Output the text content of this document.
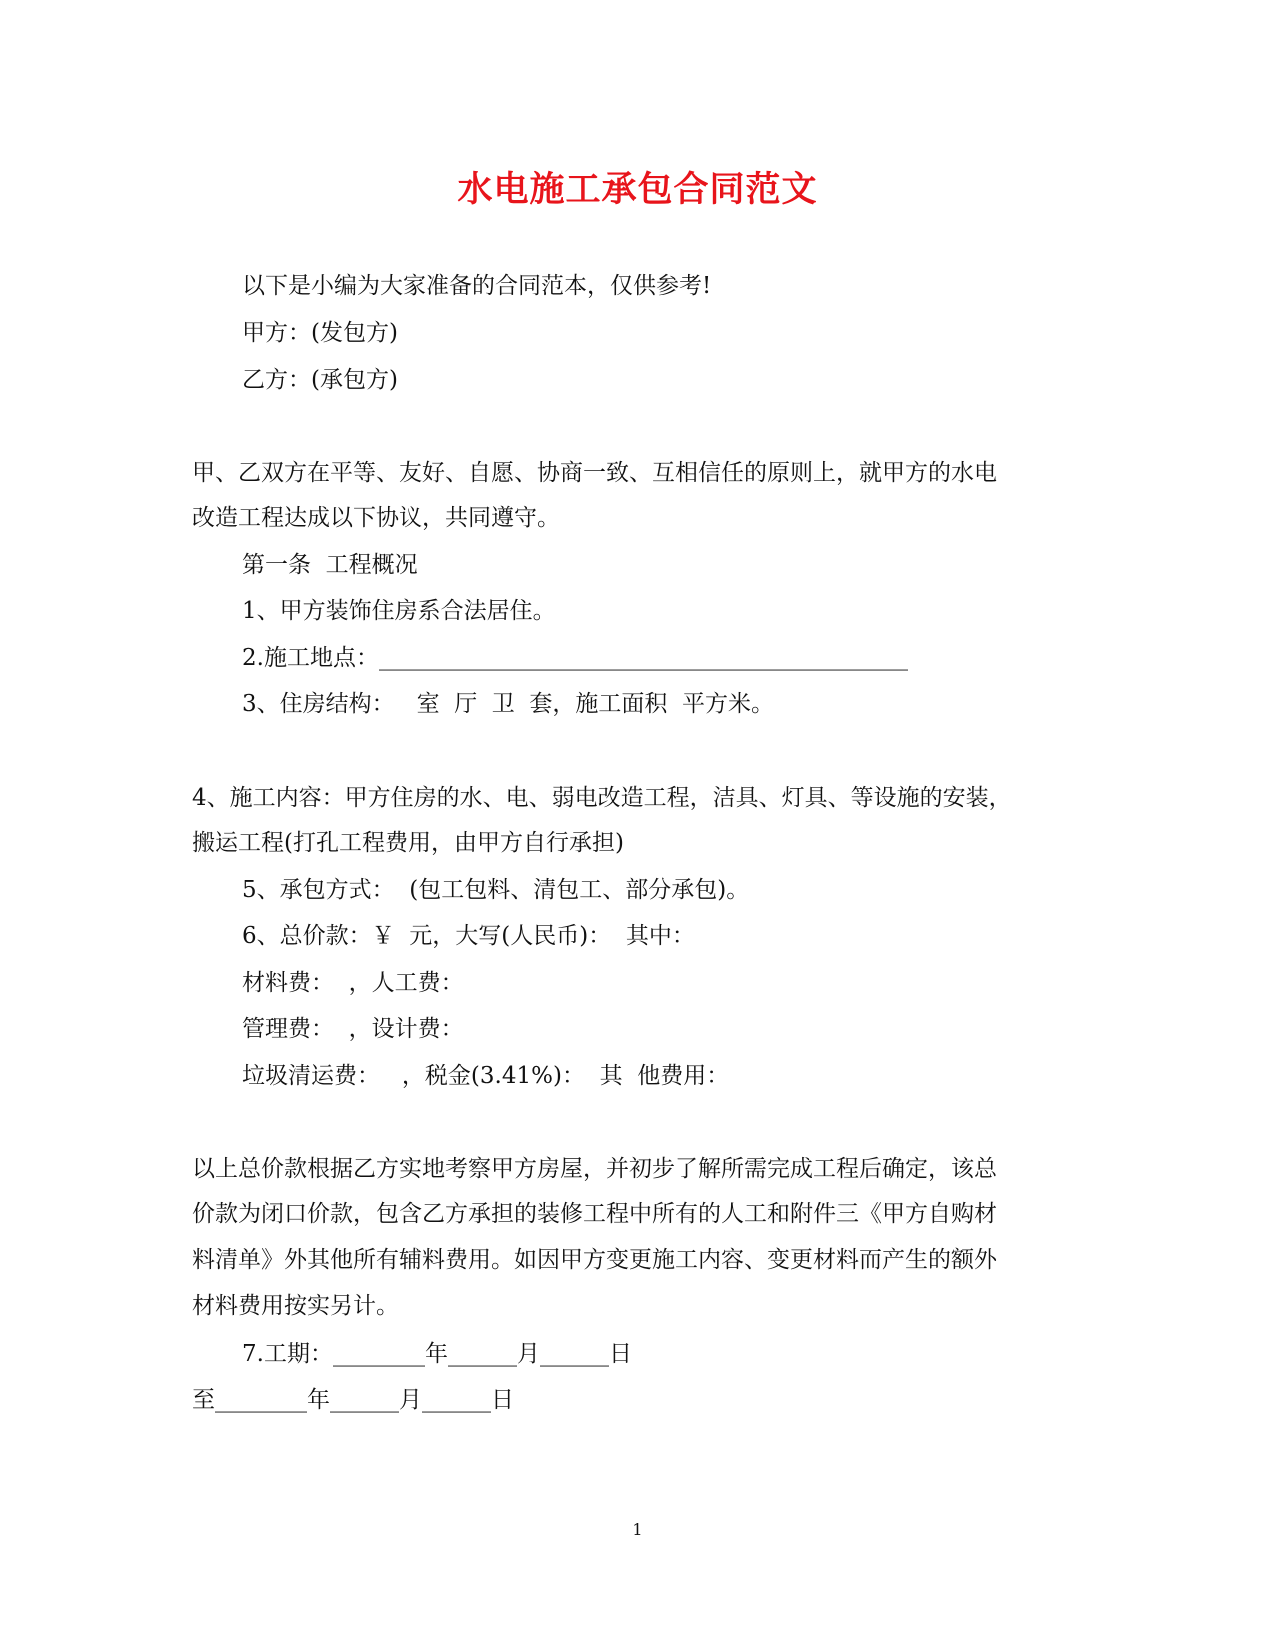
水电施工承包合同范文
以下是小编为大家准备的合同范本，仅供参考!
甲方：(发包方)
乙方：(承包方)
甲、乙双方在平等、友好、自愿、协商一致、互相信任的原则上，就甲方的水电
改造工程达成以下协议，共同遵守。
第一条  工程概况
1、甲方装饰住房系合法居住。
2.施工地点：______________________________________________
3、住房结构：   室  厅  卫  套，施工面积  平方米。
4、施工内容：甲方住房的水、电、弱电改造工程，洁具、灯具、等设施的安装，
搬运工程(打孔工程费用，由甲方自行承担)
5、承包方式：  (包工包料、清包工、部分承包)。
6、总价款：￥  元，大写(人民币)：  其中：
材料费：  ，人工费：
管理费：  ，设计费：
垃圾清运费：   ，税金(3.41%)：  其  他费用：
以上总价款根据乙方实地考察甲方房屋，并初步了解所需完成工程后确定，该总
价款为闭口价款，包含乙方承担的装修工程中所有的人工和附件三《甲方自购材
料清单》外其他所有辅料费用。如因甲方变更施工内容、变更材料而产生的额外
材料费用按实另计。
7.工期：________年______月______日
至________年______月______日
1
